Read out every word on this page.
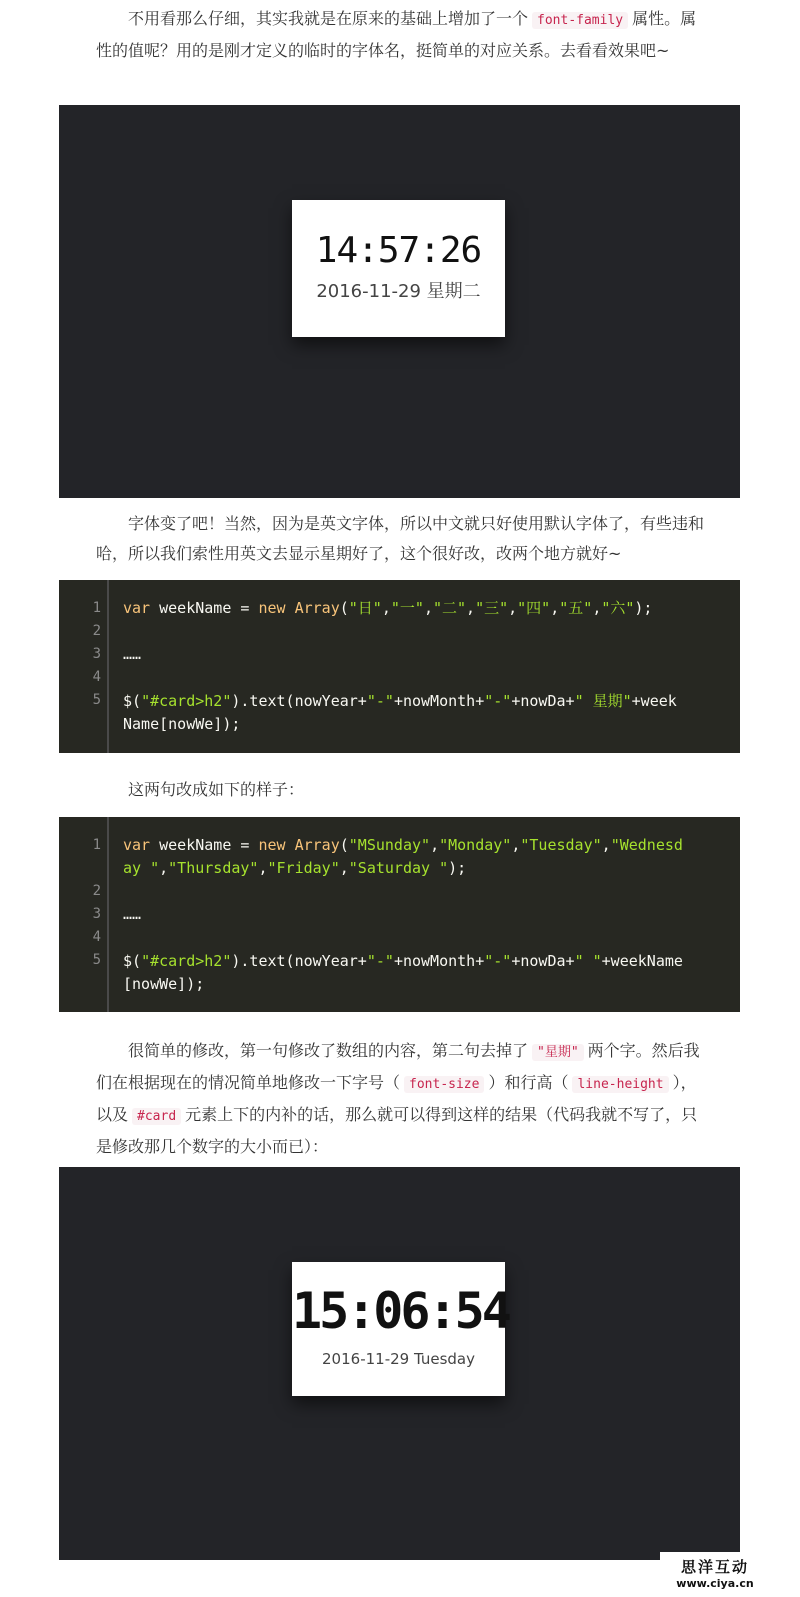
不用看那么仔细，其实我就是在原来的基础上增加了一个 font-family 属性。属性的值呢？用的是刚才定义的临时的字体名，挺简单的对应关系。去看看效果吧~

14:57:26
2016-11-29 星期二

字体变了吧！当然，因为是英文字体，所以中文就只好使用默认字体了，有些违和哈，所以我们索性用英文去显示星期好了，这个很好改，改两个地方就好~

1
2
3
4
5
var weekName = new Array("日","一","二","三","四","五","六");
……
$("#card>h2").text(nowYear+"-"+nowMonth+"-"+nowDa+" 星期"+weekName[nowWe]);

这两句改成如下的样子：

1
2
3
4
5
var weekName = new Array("MSunday","Monday","Tuesday","Wednesday ","Thursday","Friday","Saturday ");
……
$("#card>h2").text(nowYear+"-"+nowMonth+"-"+nowDa+" "+weekName[nowWe]);

很简单的修改，第一句修改了数组的内容，第二句去掉了 "星期" 两个字。然后我们在根据现在的情况简单地修改一下字号（ font-size ）和行高（ line-height ），以及 #card 元素上下的内补的话，那么就可以得到这样的结果（代码我就不写了，只是修改那几个数字的大小而已）：

15:06:54
2016-11-29 Tuesday
思洋互动
www.ciya.cn
